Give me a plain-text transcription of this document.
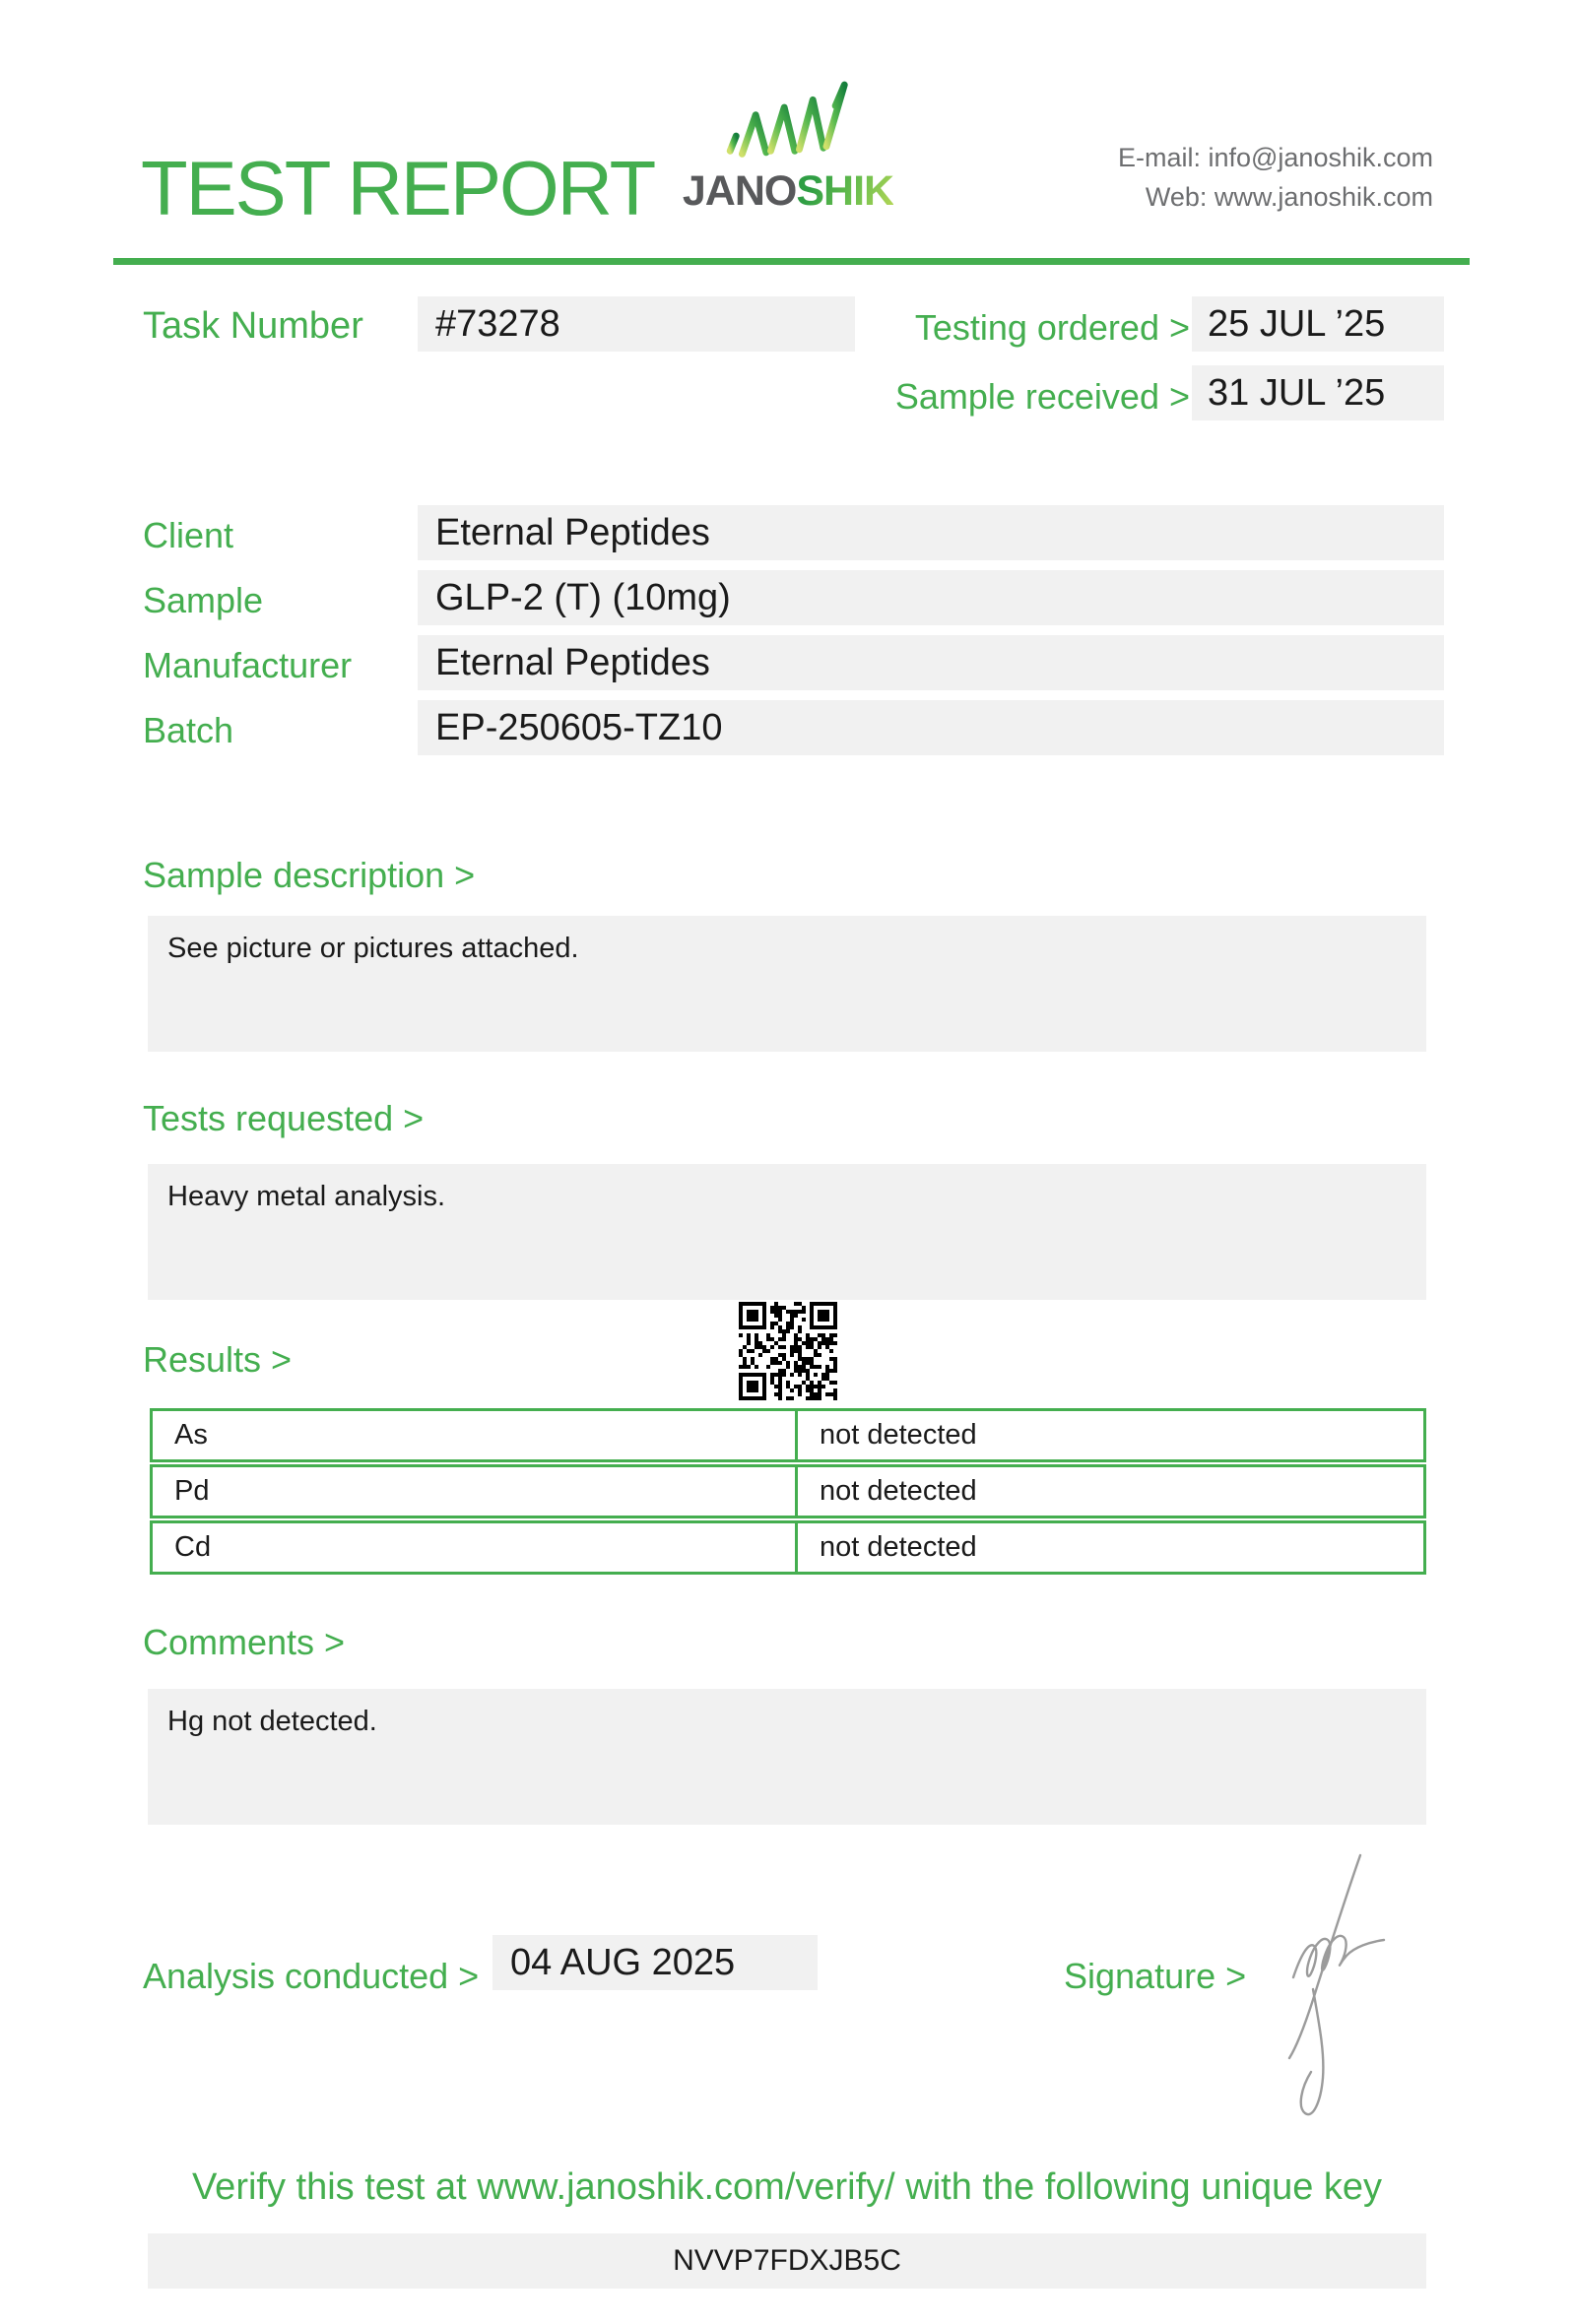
TEST REPORT JANOSHIK
E-mail: info@janoshik.com
Web: www.janoshik.com
Task Number	#73278	Testing ordered > 25 JUL ’25
Sample received > 31 JUL ’25
Client	Eternal Peptides
Sample	GLP-2 (T) (10mg)
Manufacturer	Eternal Peptides
Batch	EP-250605-TZ10
Sample description >
See picture or pictures attached.
Tests requested >
Heavy metal analysis.
Results >
As	not detected
Pd	not detected
Cd	not detected
Comments >
Hg not detected.
Analysis conducted > 04 AUG 2025	Signature >
Verify this test at www.janoshik.com/verify/ with the following unique key
NVVP7FDXJB5C
